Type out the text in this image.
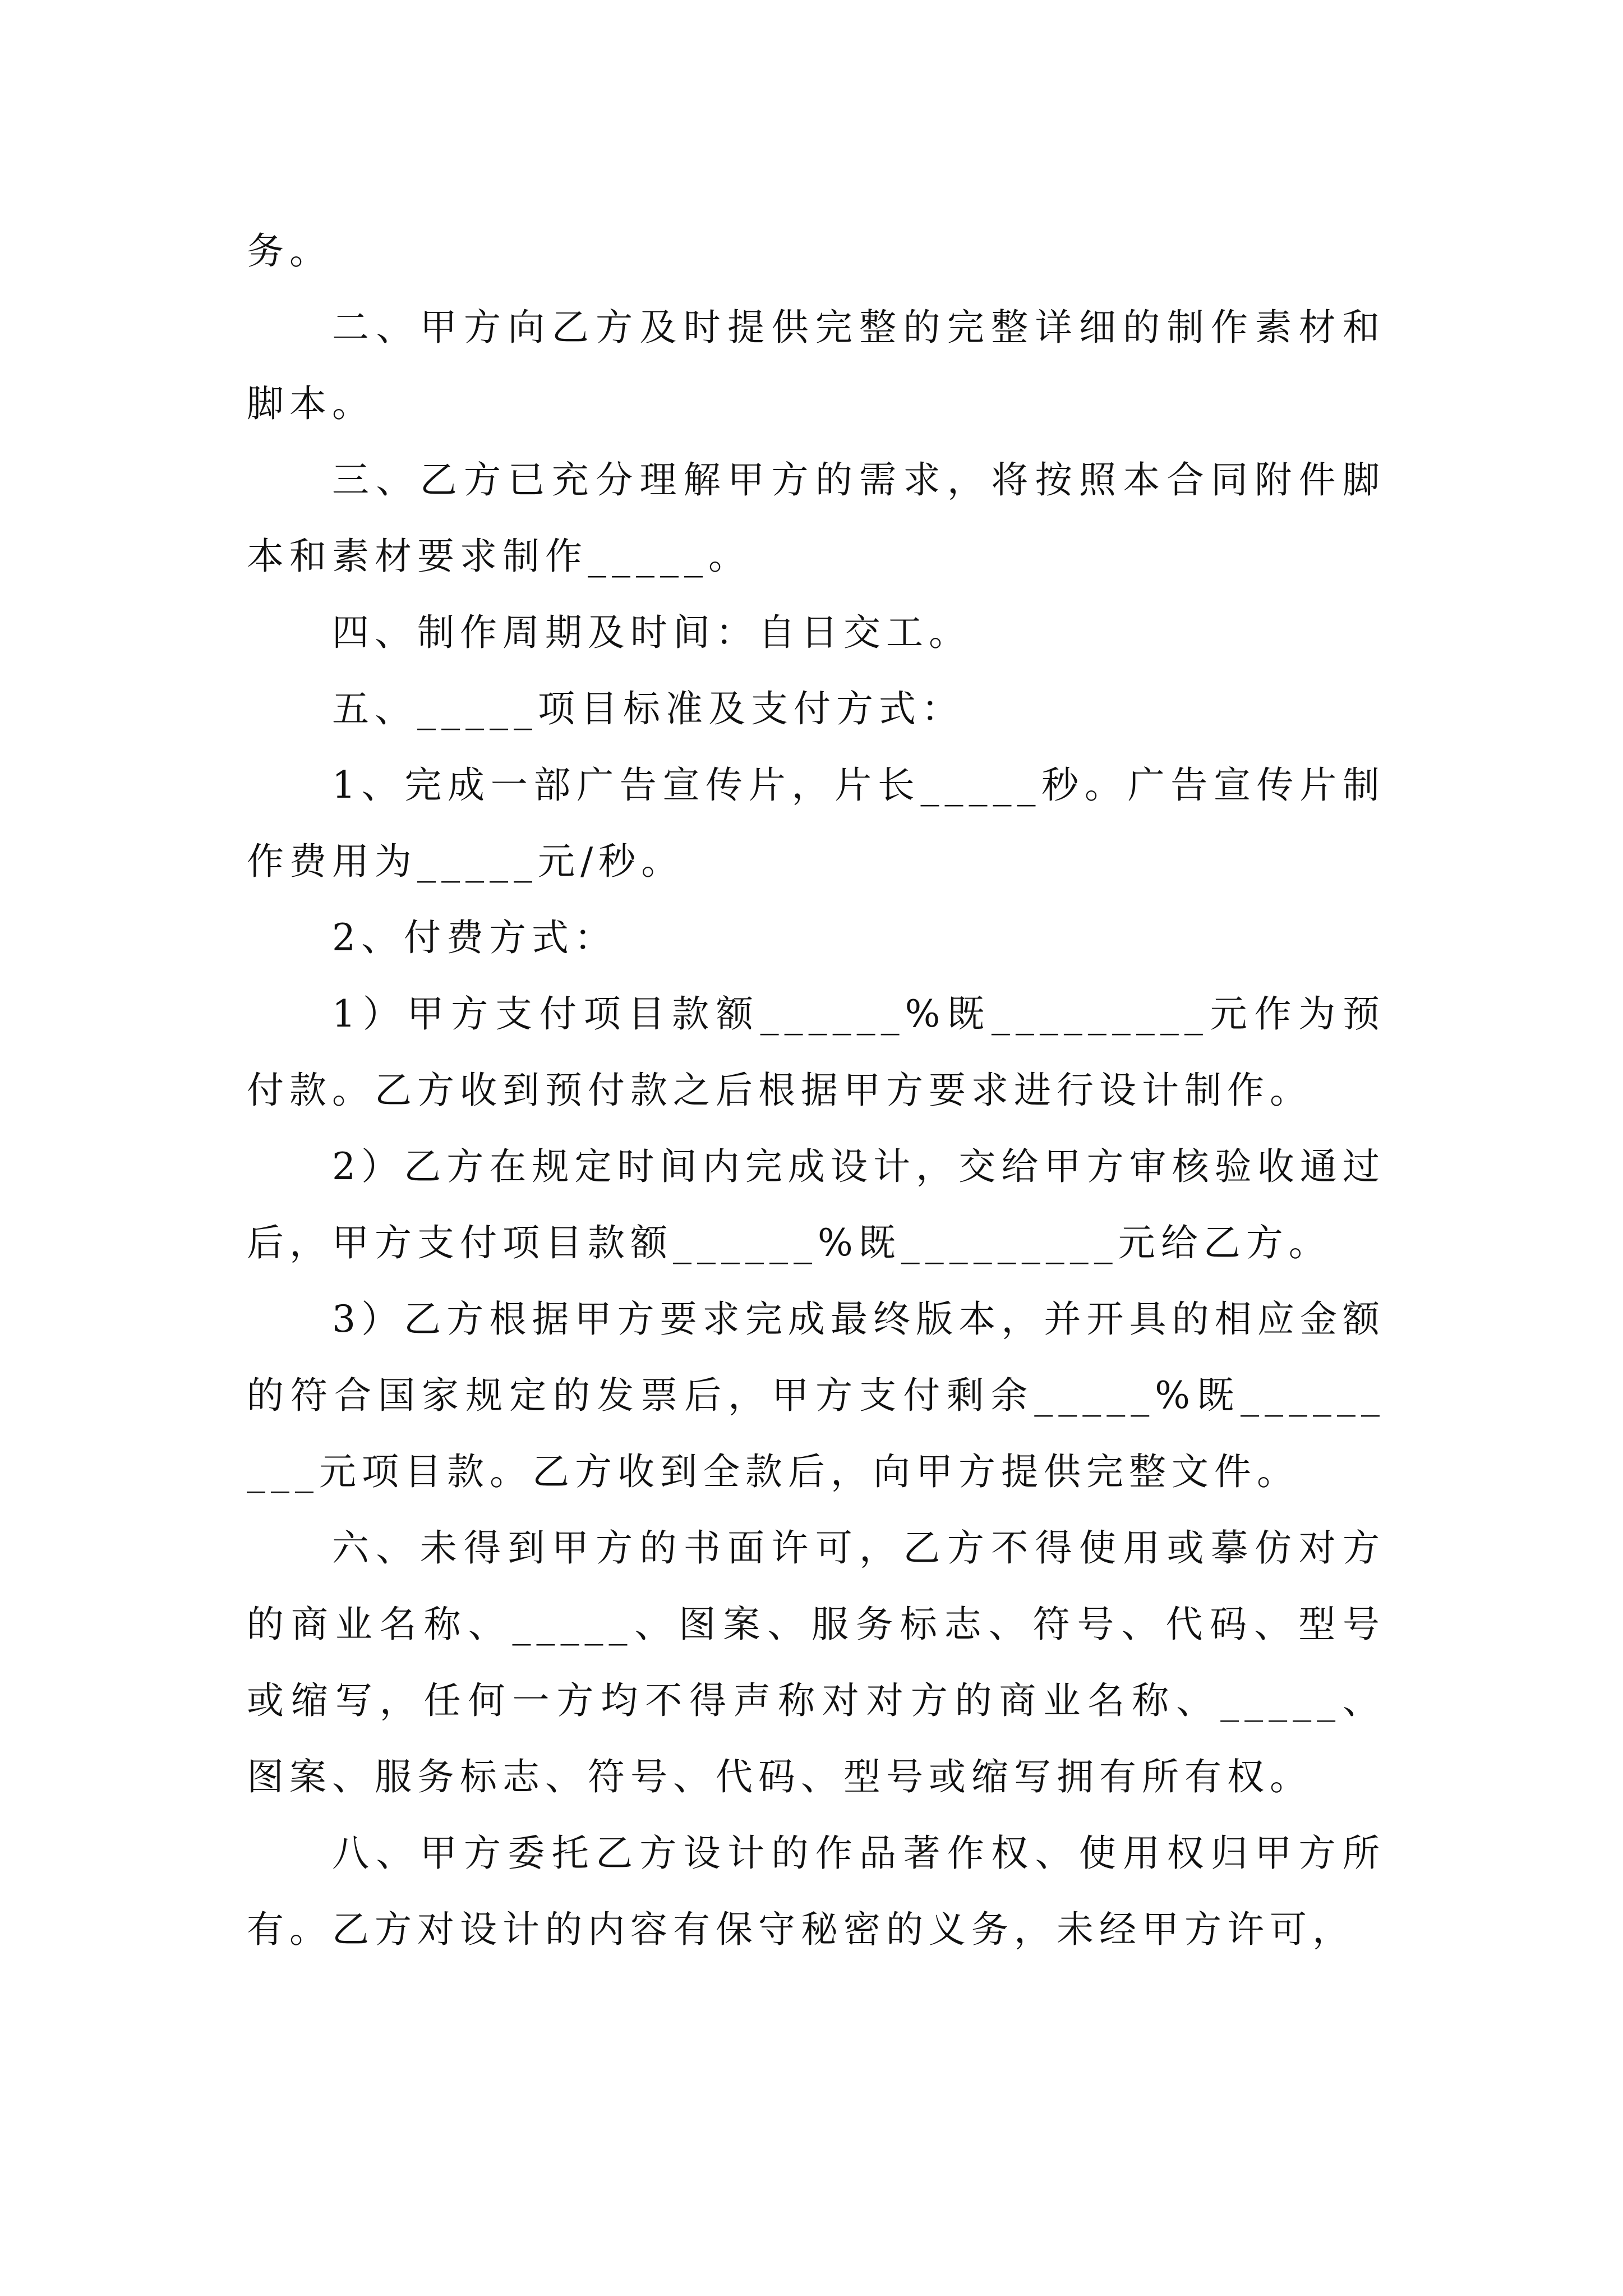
务。

二、甲方向乙方及时提供完整的完整详细的制作素材和脚本。

三、乙方已充分理解甲方的需求，将按照本合同附件脚本和素材要求制作_____。

四、制作周期及时间：自日交工。

五、_____项目标准及支付方式：

1、完成一部广告宣传片，片长_____秒。广告宣传片制作费用为_____元/秒。

2、付费方式：

1）甲方支付项目款额______%既_________元作为预付款。乙方收到预付款之后根据甲方要求进行设计制作。

2）乙方在规定时间内完成设计，交给甲方审核验收通过后，甲方支付项目款额______%既_________元给乙方。

3）乙方根据甲方要求完成最终版本，并开具的相应金额的符合国家规定的发票后，甲方支付剩余_____%既_________元项目款。乙方收到全款后，向甲方提供完整文件。

六、未得到甲方的书面许可，乙方不得使用或摹仿对方的商业名称、_____、图案、服务标志、符号、代码、型号或缩写，任何一方均不得声称对对方的商业名称、_____、图案、服务标志、符号、代码、型号或缩写拥有所有权。

八、甲方委托乙方设计的作品著作权、使用权归甲方所有。乙方对设计的内容有保守秘密的义务，未经甲方许可，
